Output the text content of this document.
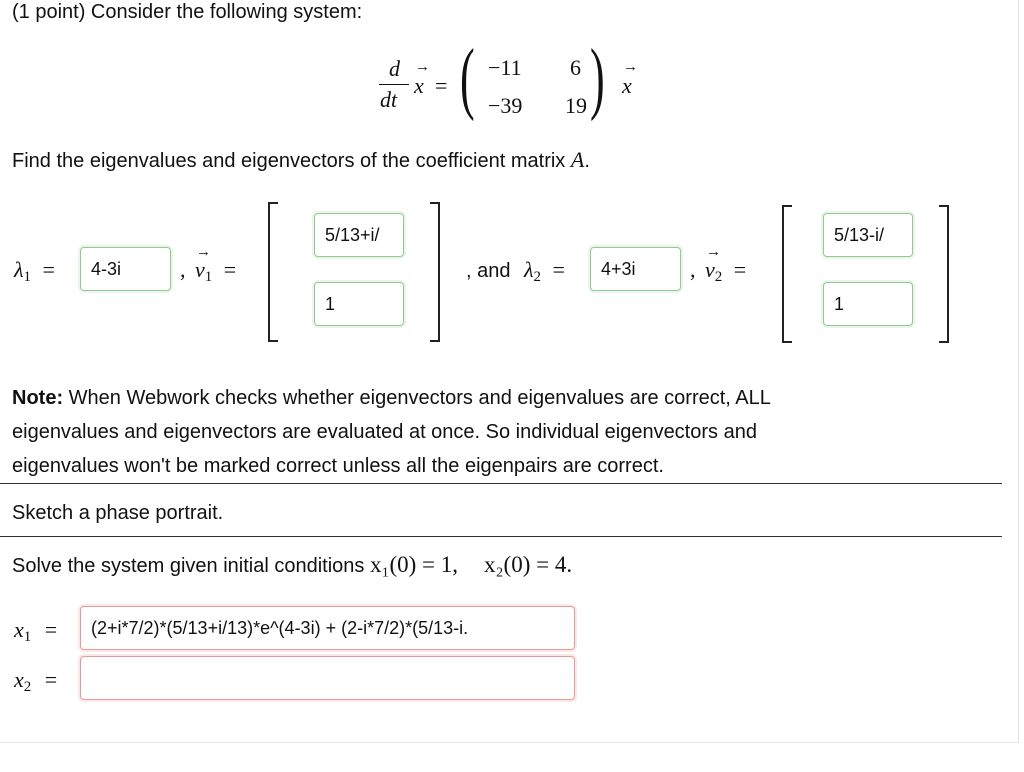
(1 point) Consider the following system:
d
dt
→
x = ( −11 6
−39 19 ) →
x
Find the eigenvalues and eigenvectors of the coefficient matrix A.
$\lambda_1$ =	4-3i	,
→
$v_1$ =
5/13+i/
1
, and $\lambda_2$ =	4+3i	,
→
$v_2$ =
5/13-i/
1
Note: When Webwork checks whether eigenvectors and eigenvalues are correct, ALL
eigenvalues and eigenvectors are evaluated at once. So individual eigenvectors and
eigenvalues won't be marked correct unless all the eigenpairs are correct.
Sketch a phase portrait.
Solve the system given initial conditions x₁(0) = 1, x₂(0) = 4.
$x_1$ =	(2+i*7/2)*(5/13+i/13)*e^(4-3i) + (2-i*7/2)*(5/13-i.
$x_2$ =
